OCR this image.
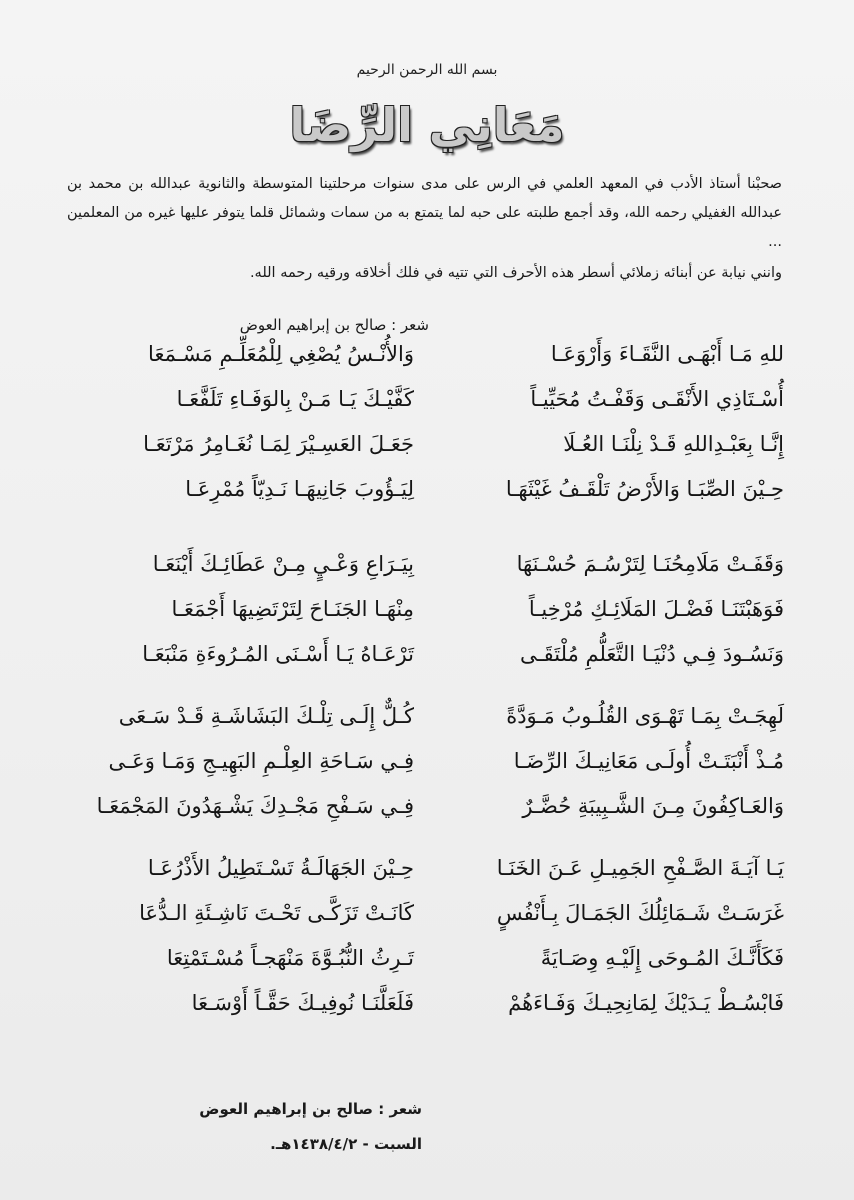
بسم الله الرحمن الرحيم
مَعَانِي الرِّضَا

صحبْنا أستاذ الأدب في المعهد العلمي في الرس على مدى سنوات مرحلتينا المتوسطة والثانوية عبدالله بن محمد بن عبدالله الغفيلي رحمه الله، وقد أجمع طلبته على حبه لما يتمتع به من سمات وشمائل قلما يتوفر عليها غيره من المعلمين ...

وانني نيابة عن أبنائه زملائي أسطر هذه الأحرف التي تتيه في فلك أخلاقه ورقيه رحمه الله.

شعر : صالح بن إبراهيم العوض
للهِ مَـا أَبْهَـى النَّقَـاءَ وَأَرْوَعَـا
وَالأُنْـسُ يُصْغِي لِلْمُعَلِّـمِ مَسْـمَعَا
أُسْـتَاذِي الأَنْقَـى وَقَفْـتُ مُحَيِّيـاً
كَفَّيْـكَ يَـا مَـنْ بِالوَفَـاءِ تَلَفَّعَـا
إِنَّـا بِعَبْـدِاللهِ قَـدْ نِلْنَـا العُـلَا
جَعَـلَ العَسِـيْرَ لِمَـا نُغَـامِرُ مَرْتَعَـا
حِـيْنَ الصِّبَـا وَالأَرْضُ تَلْقَـفُ غَيْثَهَـا
لِيَـؤُوبَ جَانِيهَـا نَـدِيّاً مُمْرِعَـا
وَقَفَـتْ مَلَامِحُنَـا لِتَرْسُـمَ حُسْـنَهَا
بِيَـرَاعِ وَعْـيٍ مِـنْ عَطَائِـكَ أَيْنَعَـا
فَوَهَبْتَنَـا فَضْـلَ المَلَائِـكِ مُرْخِيـاً
مِنْهَـا الجَنَـاحَ لِتَرْتَضِيهَا أَجْمَعَـا
وَنَسُـودَ فِـي دُنْيَـا التَّعَلُّمِ مُلْتَقَـى
تَرْعَـاهُ يَـا أَسْـنَى المُـرُوءَةِ مَنْبَعَـا
لَهِجَـتْ بِمَـا تَهْـوَى القُلُـوبُ مَـوَدَّةً
كُـلٌّ إِلَـى تِلْـكَ البَشَاشَـةِ قَـدْ سَـعَى
مُـذْ أَنْبَتَـتْ أُولَـى مَعَانِيـكَ الرِّضَـا
فِـي سَـاحَةِ العِلْـمِ البَهِيـجِ وَمَـا وَعَـى
وَالعَـاكِفُونَ مِـنَ الشَّـبِيبَةِ حُضَّـرٌ
فِـي سَـفْحِ مَجْـدِكَ يَشْـهَدُونَ المَجْمَعَـا
يَـا آيَـةَ الصَّـفْحِ الجَمِيـلِ عَـنَ الخَنَـا
حِـيْنَ الجَهَالَـةُ تَسْـتَطِيلُ الأَذْرُعَـا
غَرَسَـتْ شَـمَائِلُكَ الجَمَـالَ بِـأَنْفُسٍ
كَانَـتْ تَزَكَّـى تَحْـتَ نَاشِـئَةِ الـدُّعَا
فَكَأَنَّـكَ المُـوحَى إِلَيْـهِ وِصَـايَةً
تَـرِثُ النُّبُـوَّةَ مَنْهَجـاً مُسْـتَمْتِعَا
فَابْسُـطْ يَـدَيْكَ لِمَانِحِيـكَ وَفَـاءَهُمْ
فَلَعَلَّنَـا نُوفِيـكَ حَقَّـاً أَوْسَـعَا
شعر : صالح بن إبراهيم العوض
السبت - ١٤٣٨/٤/٢هـ.
